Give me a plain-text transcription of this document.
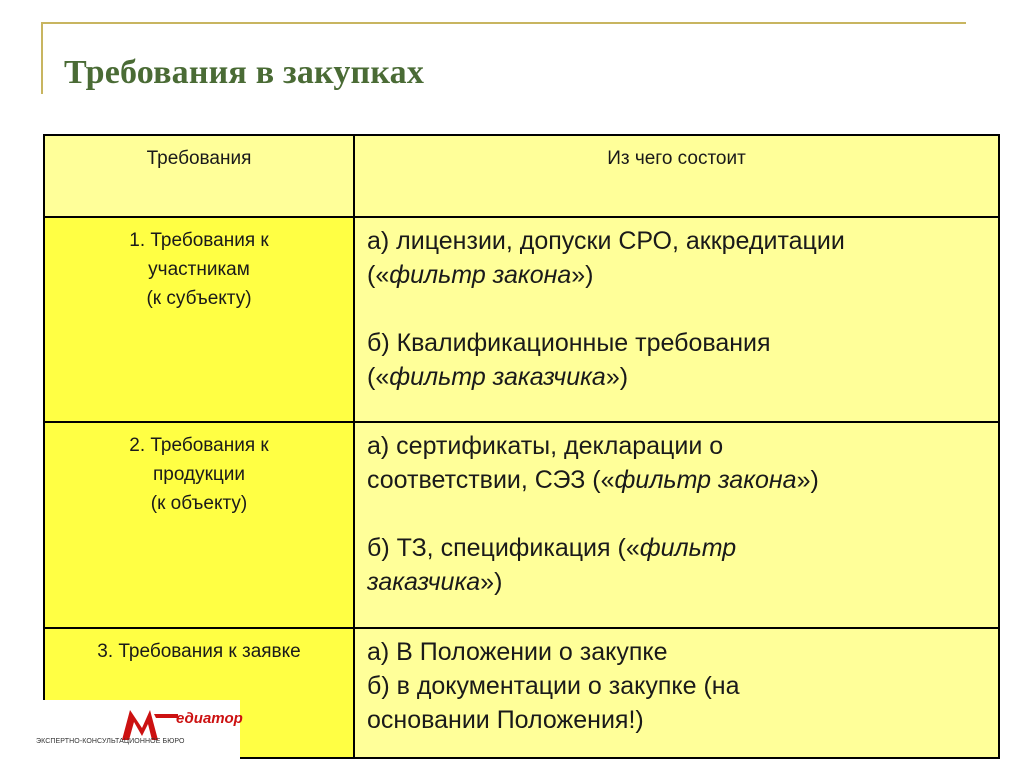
Требования в закупках
Требования	Из чего состоит

1. Требования к
участникам
(к субъекту)	а) лицензии, допуски СРО, аккредитации
(«фильтр закона»)
б) Квалификационные требования
(«фильтр заказчика»)

2. Требования к
продукции
(к объекту)	а) сертификаты, декларации о
соответствии, СЭЗ («фильтр закона»)
б) ТЗ, спецификация («фильтр
заказчика»)

3. Требования к заявке	а) В Положении о закупке
б) в документации о закупке (на
основании Положения!)
едиатор
ЭКСПЕРТНО-КОНСУЛЬТАЦИОННОЕ БЮРО
